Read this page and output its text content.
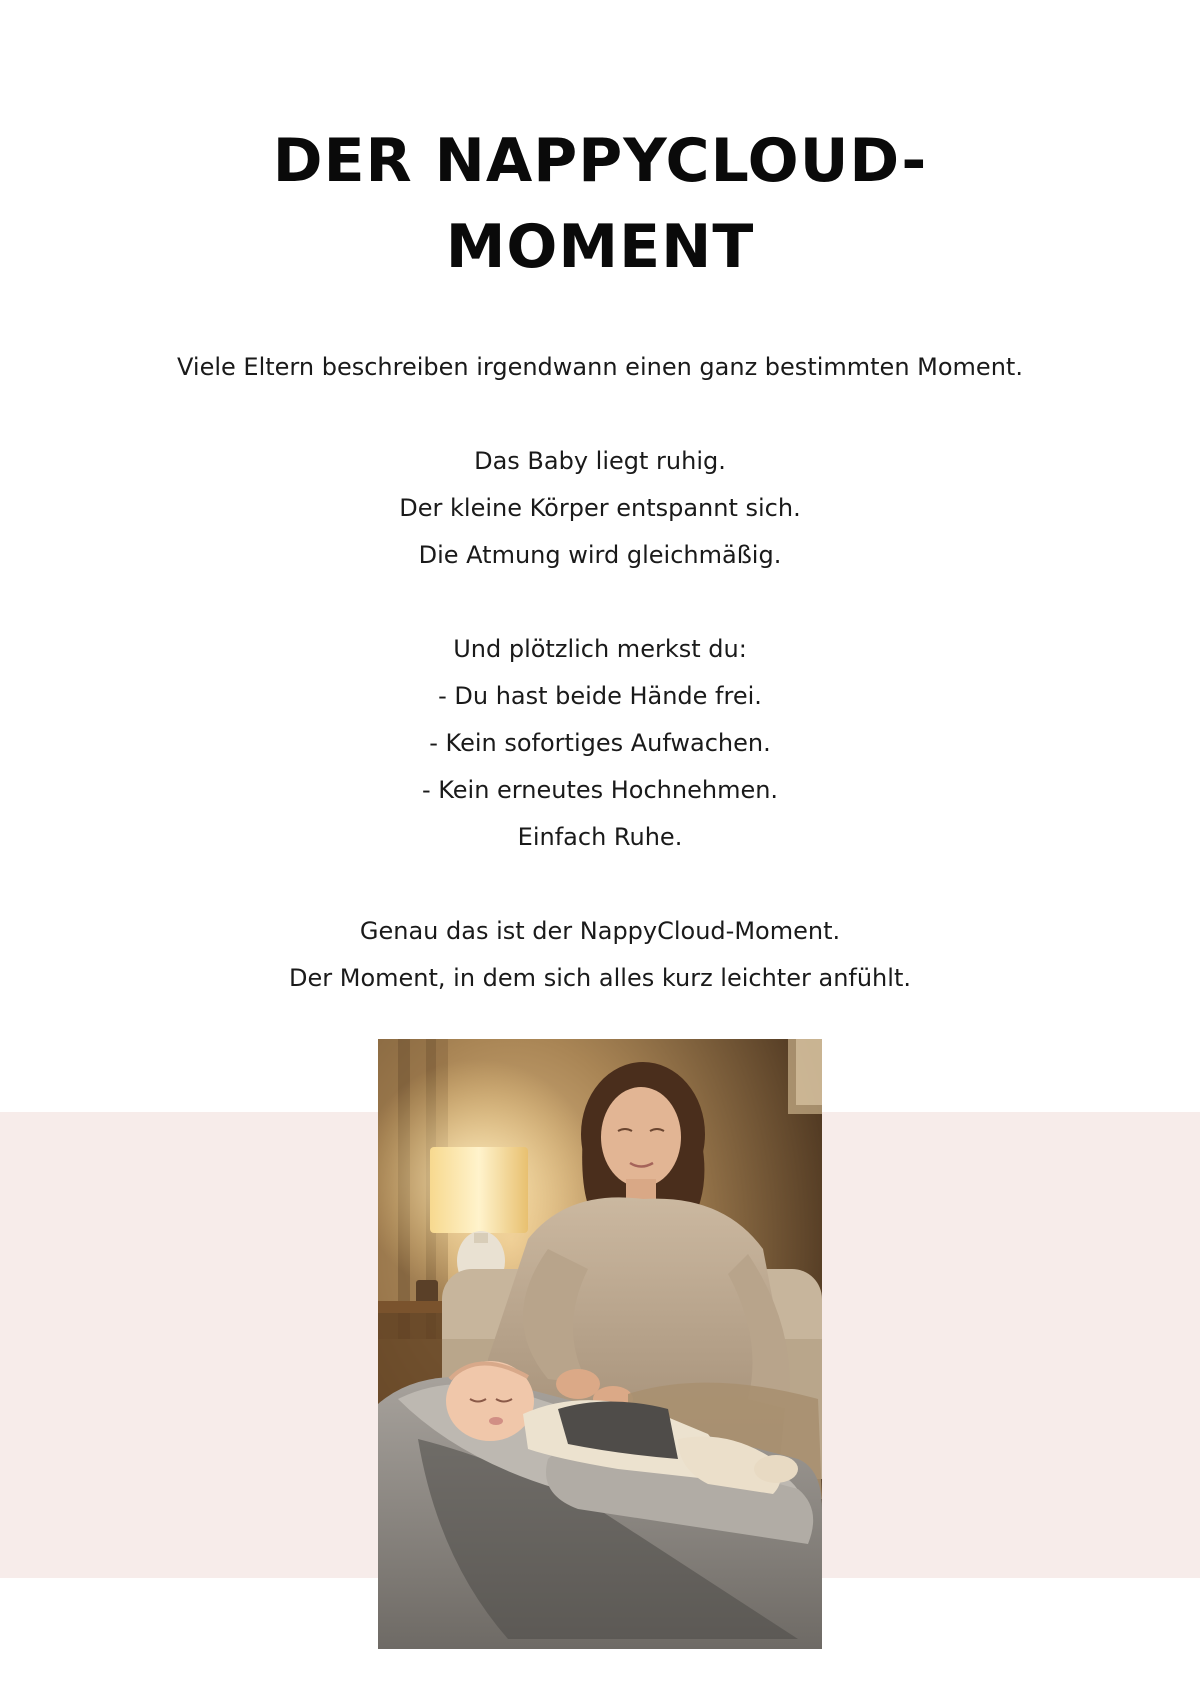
DER NAPPYCLOUD-
MOMENT
Viele Eltern beschreiben irgendwann einen ganz bestimmten Moment.
Das Baby liegt ruhig.
Der kleine Körper entspannt sich.
Die Atmung wird gleichmäßig.
Und plötzlich merkst du:
- Du hast beide Hände frei.
- Kein sofortiges Aufwachen.
- Kein erneutes Hochnehmen.
Einfach Ruhe.
Genau das ist der NappyCloud-Moment.
Der Moment, in dem sich alles kurz leichter anfühlt.
